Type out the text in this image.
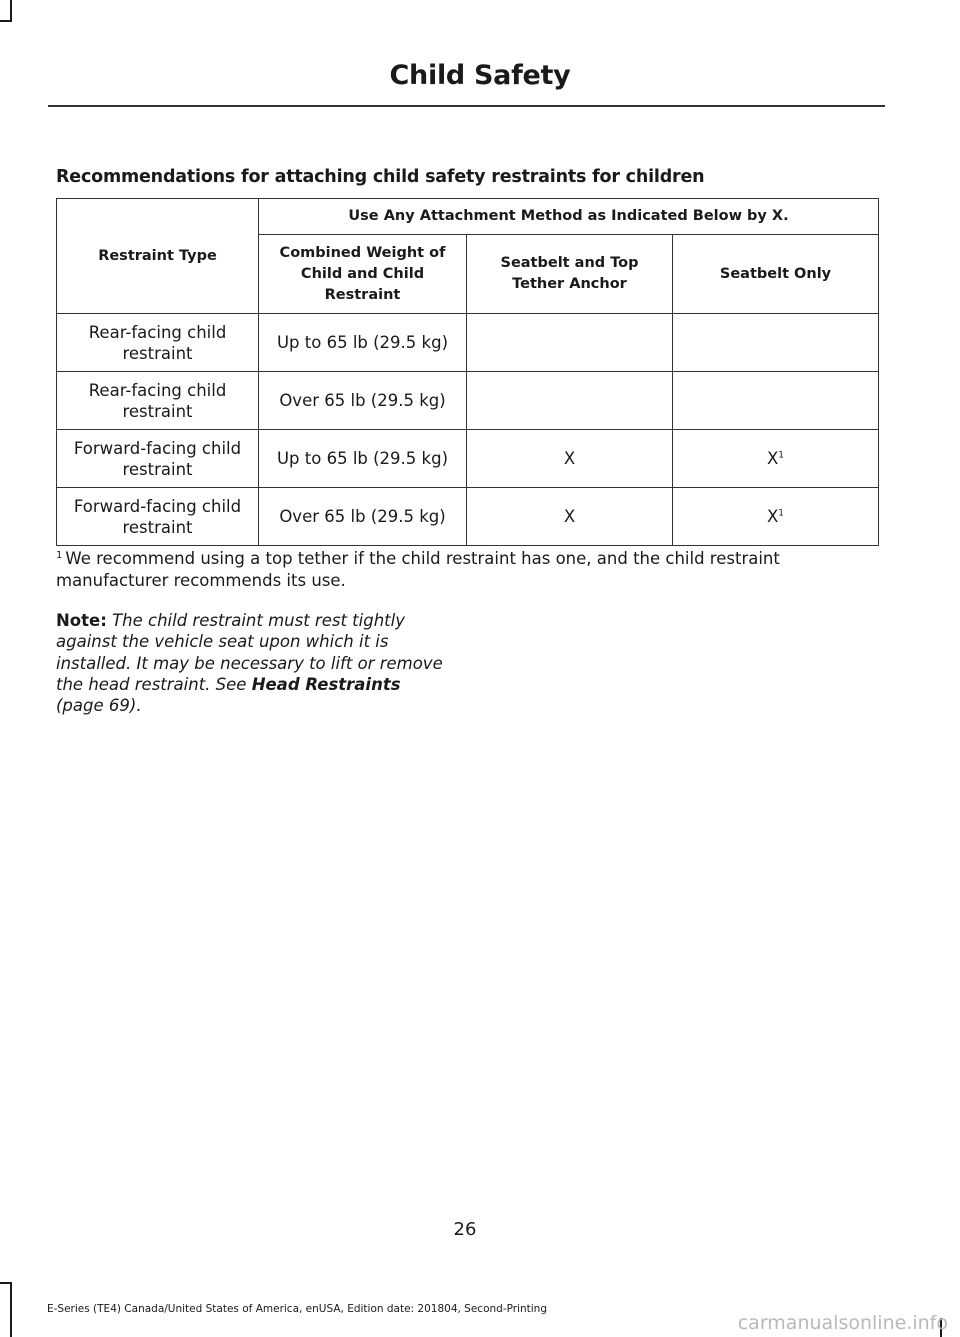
Child Safety
Recommendations for attaching child safety restraints for children
Restraint Type	Use Any Attachment Method as Indicated Below by X.		
	Combined Weight of Child and Child Restraint	Seatbelt and Top Tether Anchor	Seatbelt Only
Rear-facing child restraint	Up to 65 lb (29.5 kg)		
Rear-facing child restraint	Over 65 lb (29.5 kg)		
Forward-facing child restraint	Up to 65 lb (29.5 kg)	X	$X^1$
Forward-facing child restraint	Over 65 lb (29.5 kg)	X	$X^1$
$^1$ We recommend using a top tether if the child restraint has one, and the child restraint manufacturer recommends its use.
Note: The child restraint must rest tightly against the vehicle seat upon which it is installed. It may be necessary to lift or remove the head restraint. See Head Restraints (page 69).
26
E-Series (TE4) Canada/United States of America, enUSA, Edition date: 201804, Second-Printing
carmanualsonline.info
